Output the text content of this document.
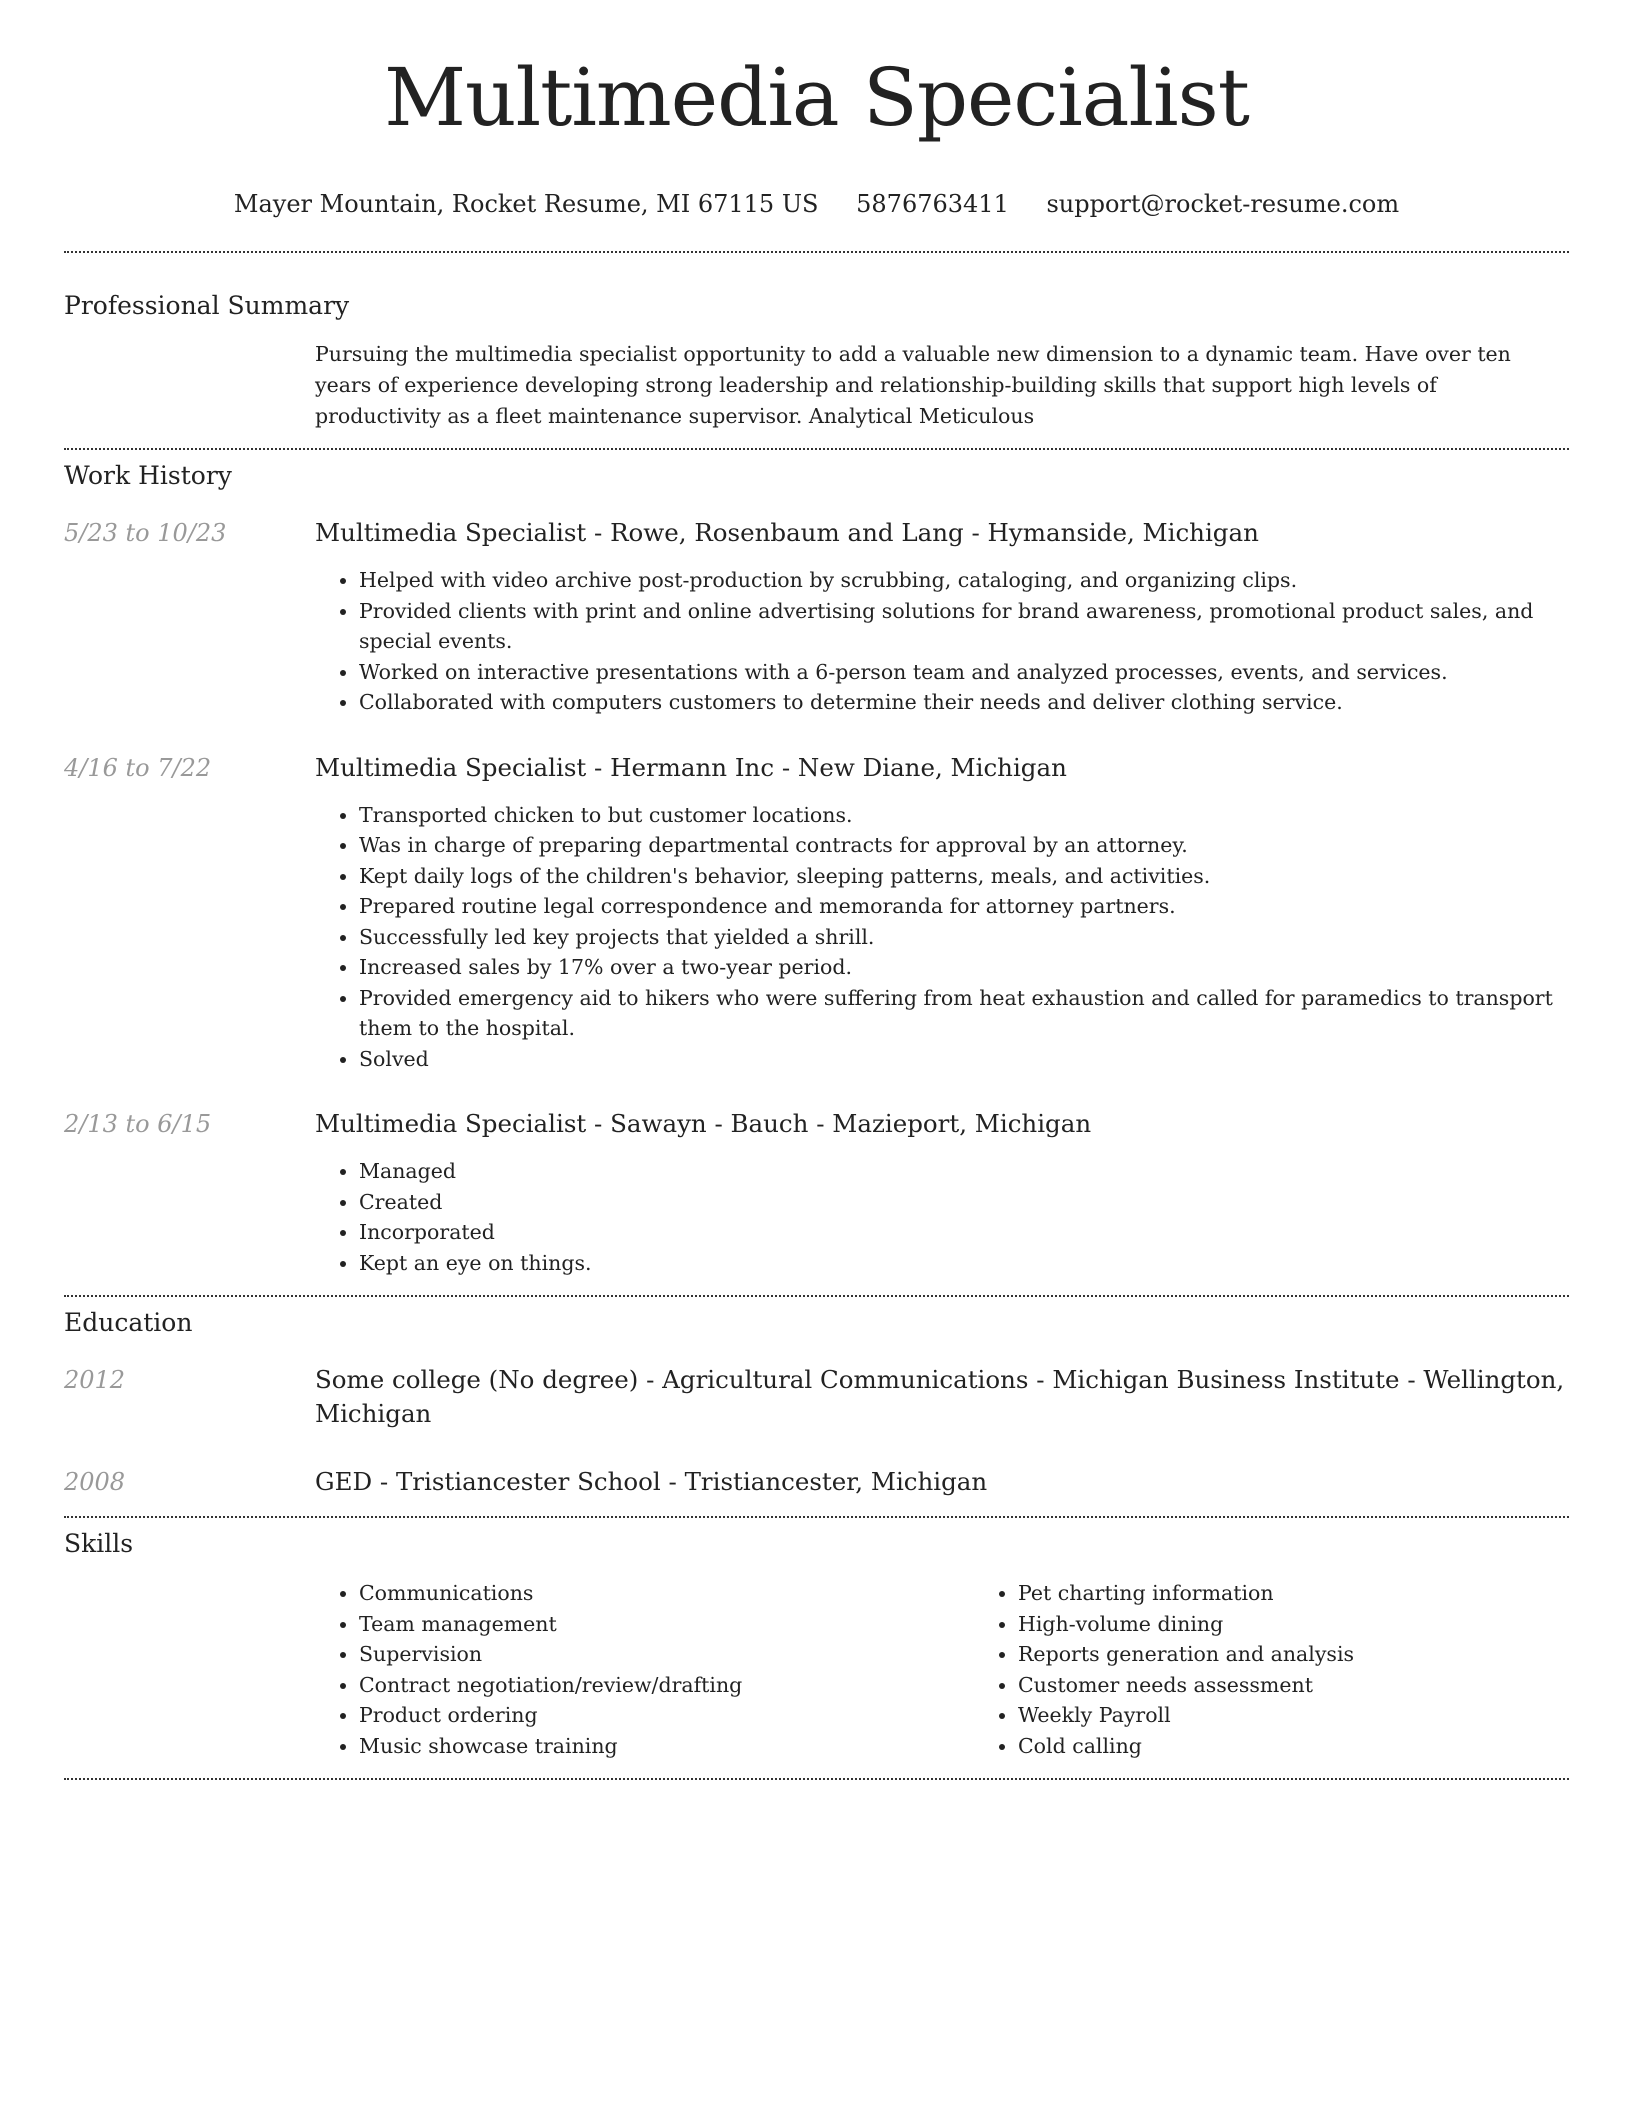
Multimedia Specialist
Mayer Mountain, Rocket Resume, MI 67115 US 5876763411 support@rocket-resume.com
Professional Summary

Pursuing the multimedia specialist opportunity to add a valuable new dimension to a dynamic team. Have over ten years of experience developing strong leadership and relationship-building skills that support high levels of productivity as a fleet maintenance supervisor. Analytical Meticulous

Work History
5/23 to 10/23	Multimedia Specialist - Rowe, Rosenbaum and Lang - Hymanside, Michigan
• Helped with video archive post-production by scrubbing, cataloging, and organizing clips.
• Provided clients with print and online advertising solutions for brand awareness, promotional product sales, and special events.
• Worked on interactive presentations with a 6-person team and analyzed processes, events, and services.
• Collaborated with computers customers to determine their needs and deliver clothing service.
4/16 to 7/22	Multimedia Specialist - Hermann Inc - New Diane, Michigan
• Transported chicken to but customer locations.
• Was in charge of preparing departmental contracts for approval by an attorney.
• Kept daily logs of the children's behavior, sleeping patterns, meals, and activities.
• Prepared routine legal correspondence and memoranda for attorney partners.
• Successfully led key projects that yielded a shrill.
• Increased sales by 17% over a two-year period.
• Provided emergency aid to hikers who were suffering from heat exhaustion and called for paramedics to transport them to the hospital.
• Solved
2/13 to 6/15	Multimedia Specialist - Sawayn - Bauch - Mazieport, Michigan
• Managed
• Created
• Incorporated
• Kept an eye on things.
Education
2012	Some college (No degree) - Agricultural Communications - Michigan Business Institute - Wellington, Michigan
2008	GED - Tristiancester School - Tristiancester, Michigan
Skills
• Communications
• Team management
• Supervision
• Contract negotiation/review/drafting
• Product ordering
• Music showcase training
• Pet charting information
• High-volume dining
• Reports generation and analysis
• Customer needs assessment
• Weekly Payroll
• Cold calling
